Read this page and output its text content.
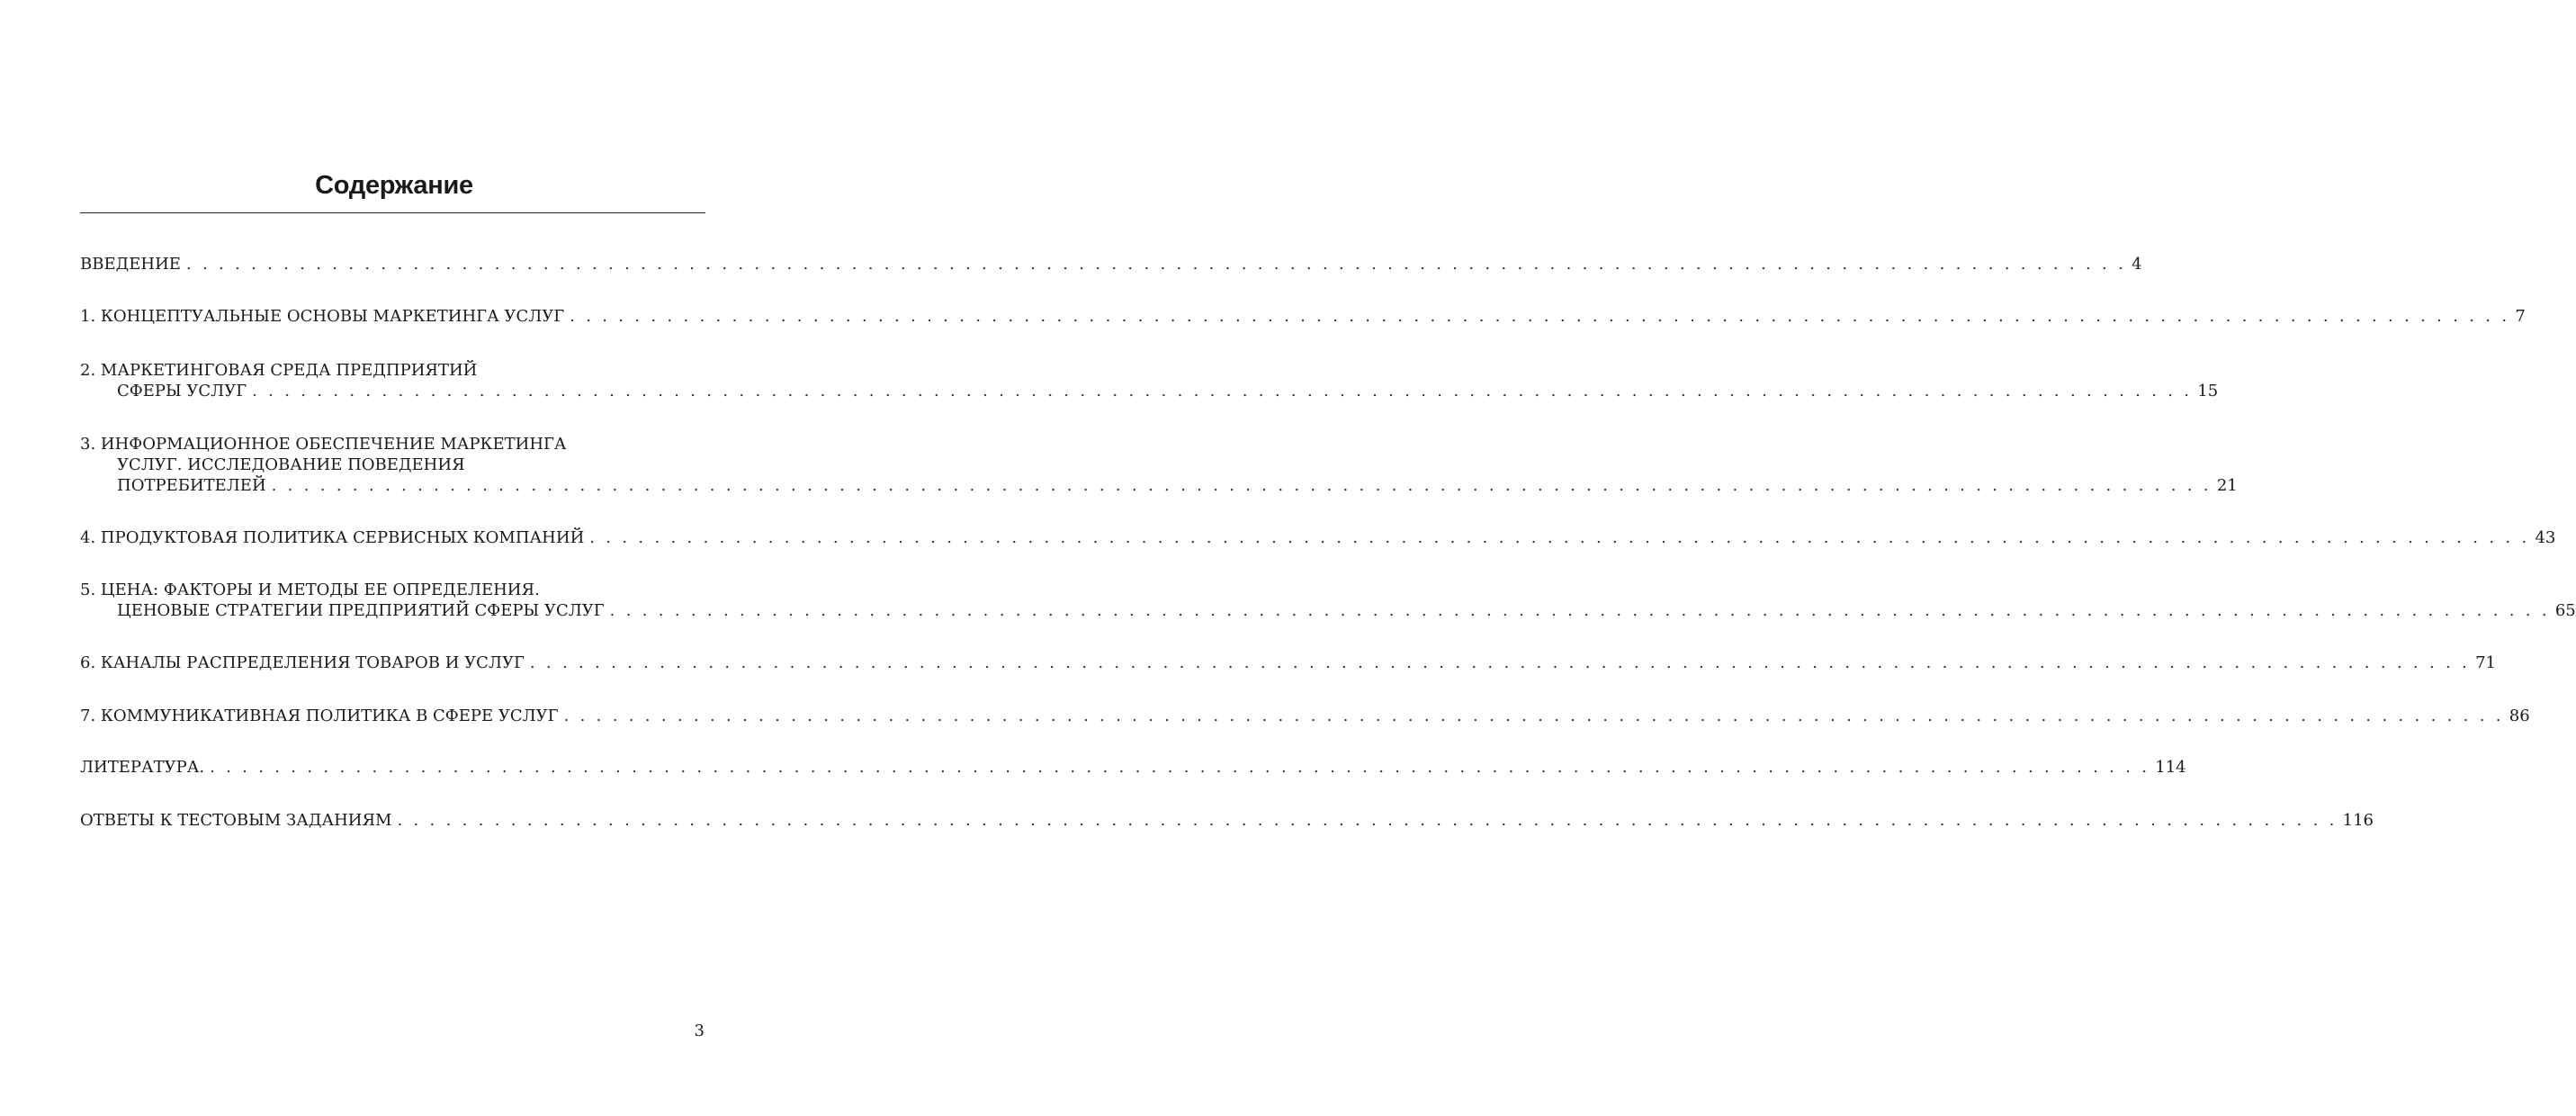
Содержание
ВВЕДЕНИЕ . . . . . . . . . . . . . . . . . . . . . . . . . . . . . . . . . . . . . . . . . . . . . . . . . . . . . . . . . . . . . . . . . . . . . . . . . . . . . . . . . . . . . . . . . . . . . . . . . . . . . . . . . . . . . . . . . . . . . . . . 4
1. КОНЦЕПТУАЛЬНЫЕ ОСНОВЫ МАРКЕТИНГА УСЛУГ . . . . . . . . . . . . . . . . . . . . . . . . . . . . . . . . . . . . . . . . . . . . . . . . . . . . . . . . . . . . . . . . . . . . . . . . . . . . . . . . . . . . . . . . . . . . . . . . . . . . . . . . . . . . . . . . . . . . . . . . 7
2. МАРКЕТИНГОВАЯ СРЕДА ПРЕДПРИЯТИЙ
СФЕРЫ УСЛУГ . . . . . . . . . . . . . . . . . . . . . . . . . . . . . . . . . . . . . . . . . . . . . . . . . . . . . . . . . . . . . . . . . . . . . . . . . . . . . . . . . . . . . . . . . . . . . . . . . . . . . . . . . . . . . . . . . . . . . . . . 15
3. ИНФОРМАЦИОННОЕ ОБЕСПЕЧЕНИЕ МАРКЕТИНГА
УСЛУГ. ИССЛЕДОВАНИЕ ПОВЕДЕНИЯ
ПОТРЕБИТЕЛЕЙ . . . . . . . . . . . . . . . . . . . . . . . . . . . . . . . . . . . . . . . . . . . . . . . . . . . . . . . . . . . . . . . . . . . . . . . . . . . . . . . . . . . . . . . . . . . . . . . . . . . . . . . . . . . . . . . . . . . . . . . . 21
4. ПРОДУКТОВАЯ ПОЛИТИКА СЕРВИСНЫХ КОМПАНИЙ . . . . . . . . . . . . . . . . . . . . . . . . . . . . . . . . . . . . . . . . . . . . . . . . . . . . . . . . . . . . . . . . . . . . . . . . . . . . . . . . . . . . . . . . . . . . . . . . . . . . . . . . . . . . . . . . . . . . . . . . 43
5. ЦЕНА: ФАКТОРЫ И МЕТОДЫ ЕЕ ОПРЕДЕЛЕНИЯ.
ЦЕНОВЫЕ СТРАТЕГИИ ПРЕДПРИЯТИЙ СФЕРЫ УСЛУГ . . . . . . . . . . . . . . . . . . . . . . . . . . . . . . . . . . . . . . . . . . . . . . . . . . . . . . . . . . . . . . . . . . . . . . . . . . . . . . . . . . . . . . . . . . . . . . . . . . . . . . . . . . . . . . . . . . . . . . . . 65
6. КАНАЛЫ РАСПРЕДЕЛЕНИЯ ТОВАРОВ И УСЛУГ . . . . . . . . . . . . . . . . . . . . . . . . . . . . . . . . . . . . . . . . . . . . . . . . . . . . . . . . . . . . . . . . . . . . . . . . . . . . . . . . . . . . . . . . . . . . . . . . . . . . . . . . . . . . . . . . . . . . . . . . 71
7. КОММУНИКАТИВНАЯ ПОЛИТИКА В СФЕРЕ УСЛУГ . . . . . . . . . . . . . . . . . . . . . . . . . . . . . . . . . . . . . . . . . . . . . . . . . . . . . . . . . . . . . . . . . . . . . . . . . . . . . . . . . . . . . . . . . . . . . . . . . . . . . . . . . . . . . . . . . . . . . . . . 86
ЛИТЕРАТУРА. . . . . . . . . . . . . . . . . . . . . . . . . . . . . . . . . . . . . . . . . . . . . . . . . . . . . . . . . . . . . . . . . . . . . . . . . . . . . . . . . . . . . . . . . . . . . . . . . . . . . . . . . . . . . . . . . . . . . . . . . 114
ОТВЕТЫ К ТЕСТОВЫМ ЗАДАНИЯМ . . . . . . . . . . . . . . . . . . . . . . . . . . . . . . . . . . . . . . . . . . . . . . . . . . . . . . . . . . . . . . . . . . . . . . . . . . . . . . . . . . . . . . . . . . . . . . . . . . . . . . . . . . . . . . . . . . . . . . . . 116
3
